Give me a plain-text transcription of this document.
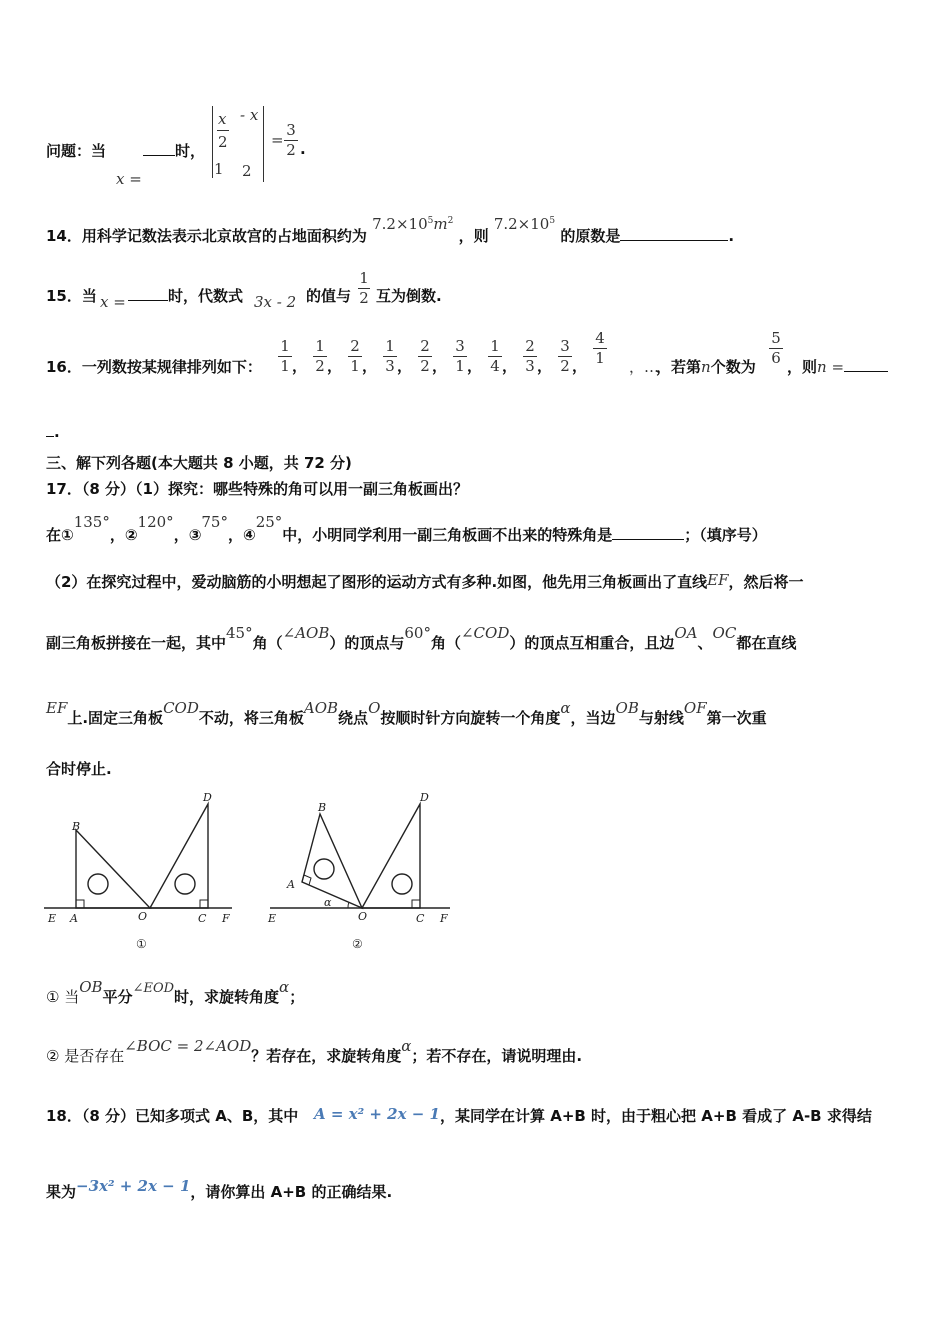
问题：当
x =
时，
x
2
- x
1 2
=
3
2 .
14．用科学记数法表示北京故宫的占地面积约为 $7.2\times 10^5m^2$ ，则 $7.2\times 10^5$ 的原数是	.
15．当 x =	时，代数式 3x - 2 的值与
1
2 互为倒数.
16．一列数按某规律排列如下： $\frac{1}{1}$ ， $\frac{1}{2}$ ， $\frac{2}{1}$ ， $\frac{1}{3}$ ， $\frac{2}{2}$ ， $\frac{3}{1}$ ， $\frac{1}{4}$ ， $\frac{2}{3}$ ， $\frac{3}{2}$ ， $\frac{4}{1}$ ，…
，若第n个数为
5
6 ，则n =
.
三、解下列各题(本大题共 8 小题，共 72 分)
17．（8 分）（1）探究：哪些特殊的角可以用一副三角板画出？
在①135°，②120°，③75°，④25°中，小明同学利用一副三角板画不出来的特殊角是	；（填序号）
（2）在探究过程中，爱动脑筋的小明想起了图形的运动方式有多种.如图，他先用三角板画出了直线EF，然后将一
副三角板拼接在一起，其中45°角（∠AOB）的顶点与60°角（∠COD）的顶点互相重合，且边OA、OC都在直线
EF上.固定三角板COD不动，将三角板AOB绕点O按顺时针方向旋转一个角度α，当边OB与射线OF第一次重
合时停止.
B
D
E A	O	C F
①
B
D
A
α
E	O	C F
②
① 当OB平分∠EOD时，求旋转角度α；
② 是否存在∠BOC = 2∠AOD？若存在，求旋转角度α；若不存在，请说明理由.
18．（8 分）已知多项式 A、B，其中 A = x² + 2x − 1，某同学在计算 A+B 时，由于粗心把 A+B 看成了 A-B 求得结
果为−3x² + 2x − 1，请你算出 A+B 的正确结果.
